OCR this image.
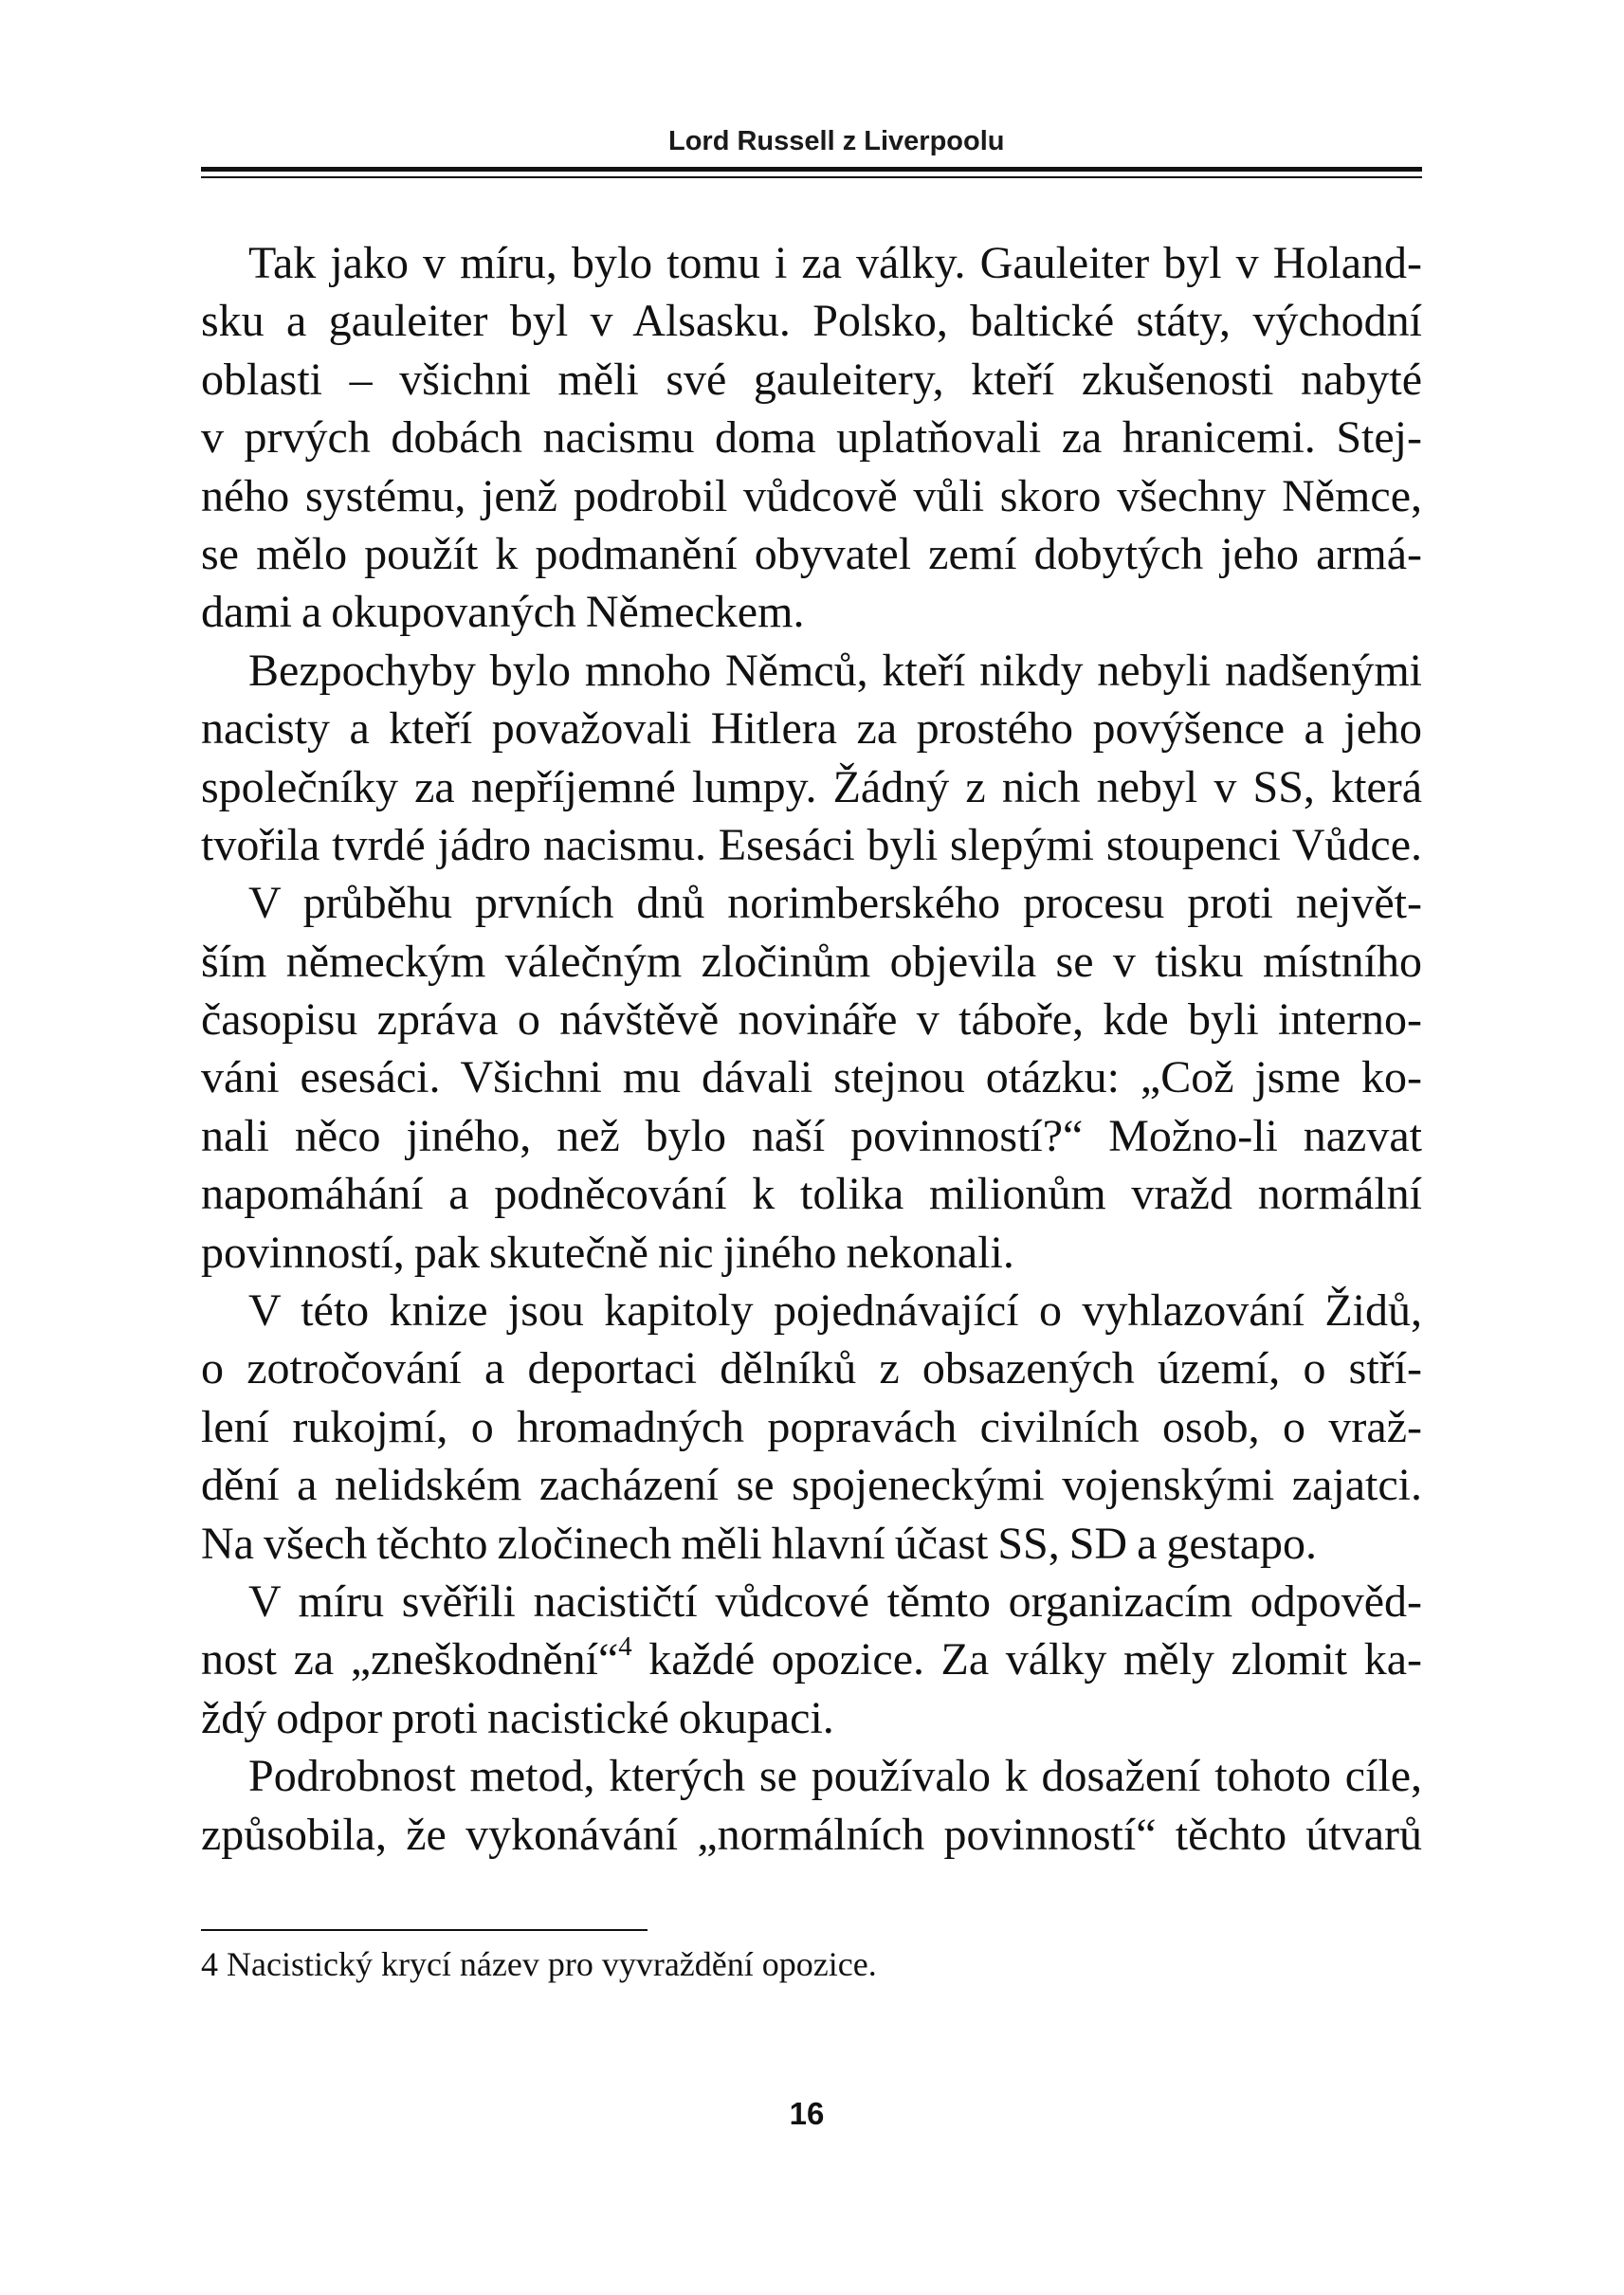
Lord Russell z Liverpoolu
Tak jako v míru, bylo tomu i za války. Gauleiter byl v Holand-
sku a gauleiter byl v Alsasku. Polsko, baltické státy, východní
oblasti – všichni měli své gauleitery, kteří zkušenosti nabyté
v prvých dobách nacismu doma uplatňovali za hranicemi. Stej-
ného systému, jenž podrobil vůdcově vůli skoro všechny Němce,
se mělo použít k podmanění obyvatel zemí dobytých jeho armá-
dami a okupovaných Německem.
Bezpochyby bylo mnoho Němců, kteří nikdy nebyli nadšenými
nacisty a kteří považovali Hitlera za prostého povýšence a jeho
společníky za nepříjemné lumpy. Žádný z nich nebyl v SS, která
tvořila tvrdé jádro nacismu. Esesáci byli slepými stoupenci Vůdce.
V průběhu prvních dnů norimberského procesu proti největ-
ším německým válečným zločinům objevila se v tisku místního
časopisu zpráva o návštěvě novináře v táboře, kde byli interno-
váni esesáci. Všichni mu dávali stejnou otázku: „Což jsme ko-
nali něco jiného, než bylo naší povinností?“ Možno-li nazvat
napomáhání a podněcování k tolika milionům vražd normální
povinností, pak skutečně nic jiného nekonali.
V této knize jsou kapitoly pojednávající o vyhlazování Židů,
o zotročování a deportaci dělníků z obsazených území, o stří-
lení rukojmí, o hromadných popravách civilních osob, o vraž-
dění a nelidském zacházení se spojeneckými vojenskými zajatci.
Na všech těchto zločinech měli hlavní účast SS, SD a gestapo.
V míru svěřili nacističtí vůdcové těmto organizacím odpověd-
nost za „zneškodnění“$^4$ každé opozice. Za války měly zlomit ka-
ždý odpor proti nacistické okupaci.
Podrobnost metod, kterých se používalo k dosažení tohoto cíle,
způsobila, že vykonávání „normálních povinností“ těchto útvarů
4 Nacistický krycí název pro vyvraždění opozice.
16
